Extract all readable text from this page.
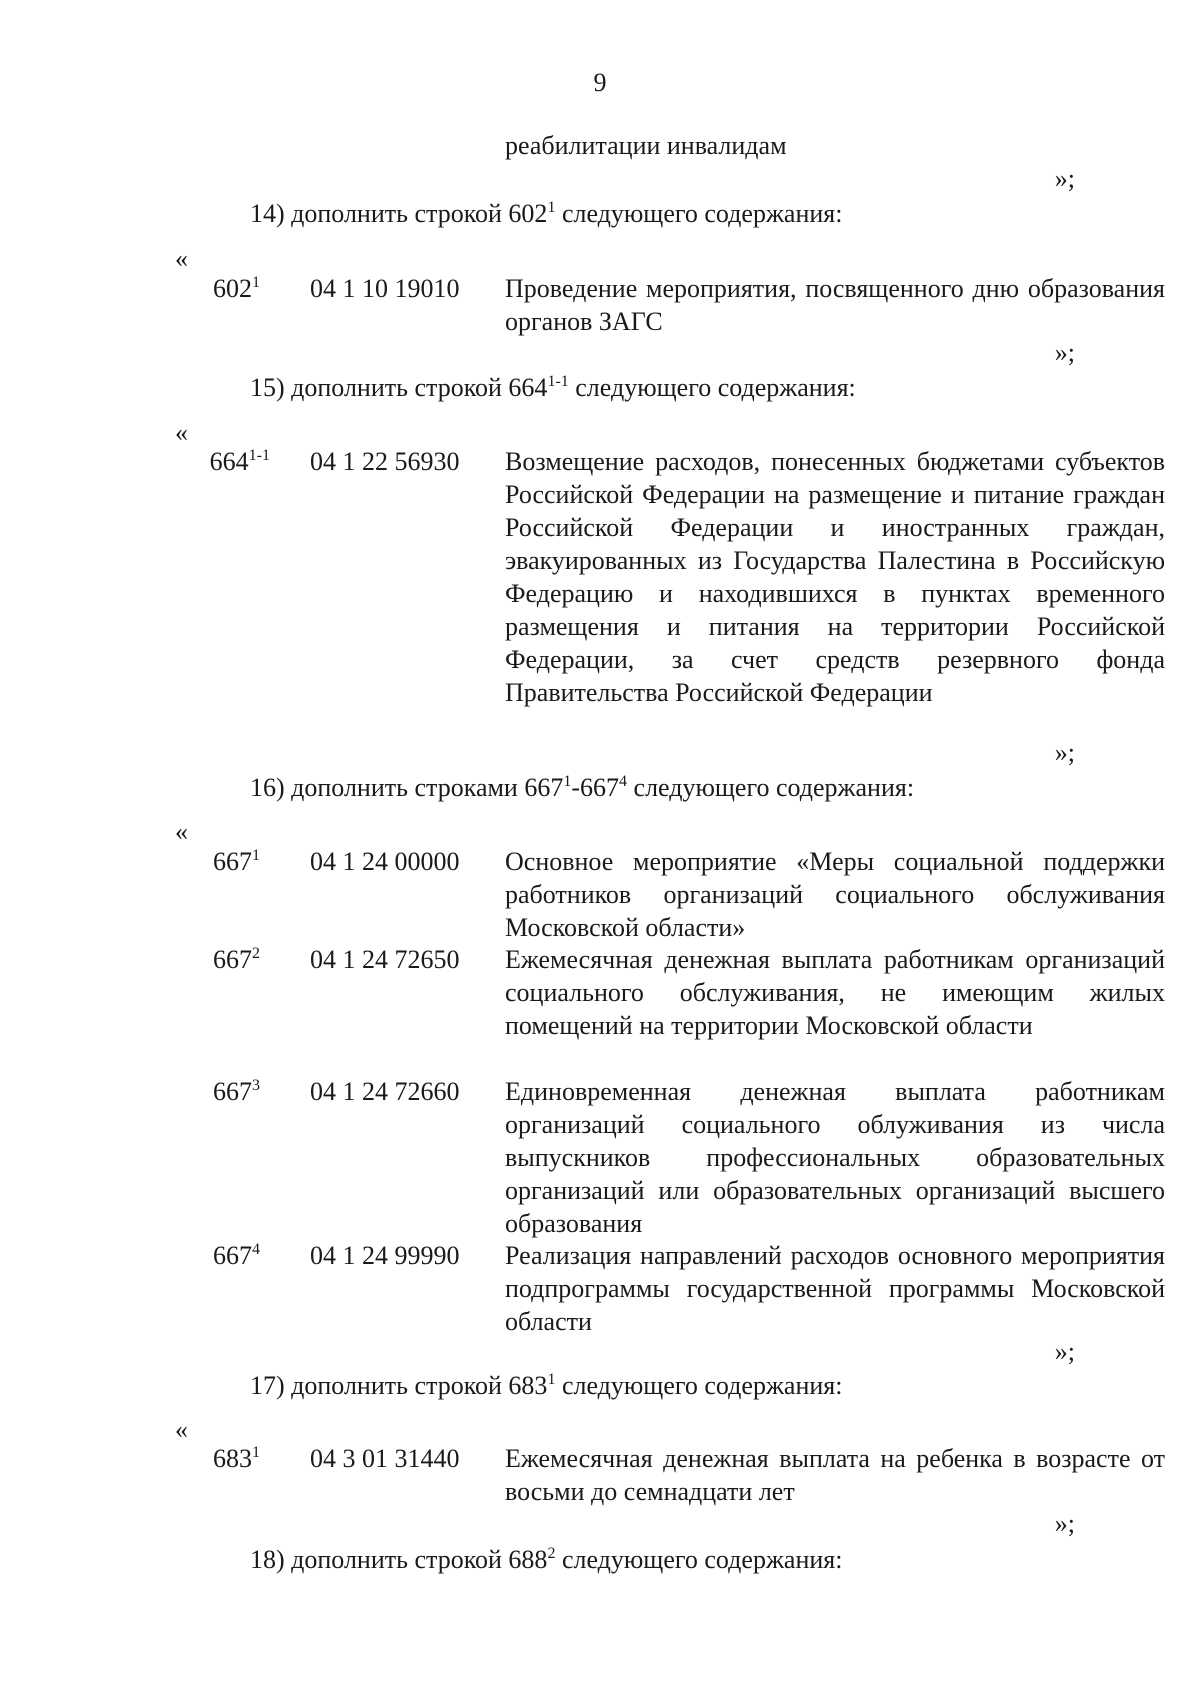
9
реабилитации инвалидам
»;
14) дополнить строкой $602^1$ следующего содержания:
«
$602^1$ 04 1 10 19010 Проведение мероприятия, посвященного дню образования органов ЗАГС
»;
15) дополнить строкой 664$^{1-1}$ следующего содержания:
«
664$^{1-1}$ 04 1 22 56930 Возмещение расходов, понесенных бюджетами субъектов Российской Федерации на размещение и питание граждан Российской Федерации и иностранных граждан, эвакуированных из Государства Палестина в Российскую Федерацию и находившихся в пунктах временного размещения и питания на территории Российской Федерации, за счет средств резервного фонда Правительства Российской Федерации
»;
16) дополнить строками $667^1-667^4$ следующего содержания:
«
$667^1$ 04 1 24 00000 Основное мероприятие «Меры социальной поддержки работников организаций социального обслуживания Московской области»
$667^2$ 04 1 24 72650 Ежемесячная денежная выплата работникам организаций социального обслуживания, не имеющим жилых помещений на территории Московской области
$667^3$ 04 1 24 72660 Единовременная денежная выплата работникам организаций социального облуживания из числа выпускников профессиональных образовательных организаций или образовательных организаций высшего образования
$667^4$ 04 1 24 99990 Реализация направлений расходов основного мероприятия подпрограммы государственной программы Московской области
»;
17) дополнить строкой $683^1$ следующего содержания:
«
$683^1$ 04 3 01 31440 Ежемесячная денежная выплата на ребенка в возрасте от восьми до семнадцати лет
»;
18) дополнить строкой $688^2$ следующего содержания:
